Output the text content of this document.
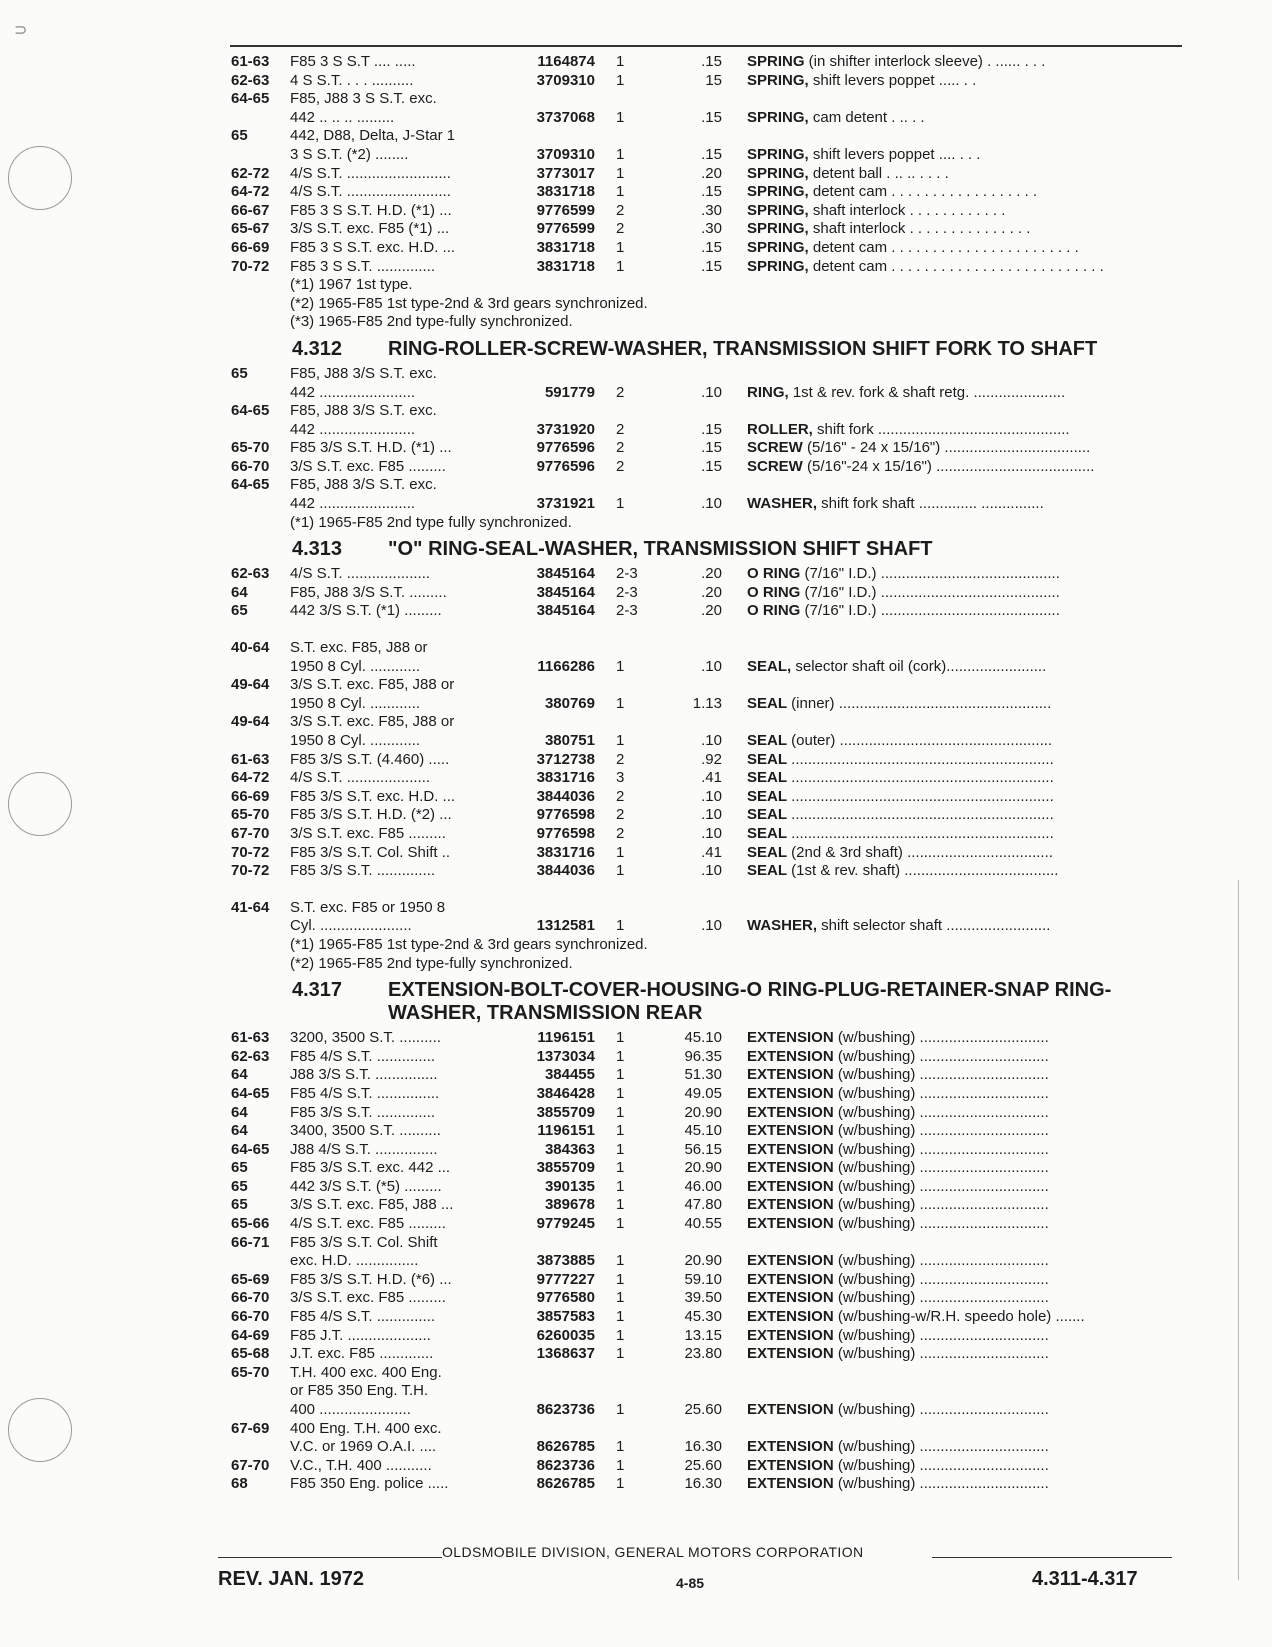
⊃
61-63 F85 3 S S.T .... .....	1164874 1	.15 SPRING (in shifter interlock sleeve) . ...... . . .
62-63 4 S S.T. . . . ..........	3709310 1	15 SPRING, shift levers poppet ..... . .
64-65 F85, J88 3 S S.T. exc.
442 .. .. .. .........	3737068 1	.15 SPRING, cam detent . .. . .
65	442, D88, Delta, J-Star 1
3 S S.T. (*2) ........	3709310 1	.15 SPRING, shift levers poppet .... . . .
62-72 4/S S.T. .........................	3773017 1	.20 SPRING, detent ball . .. .. . . . .
64-72 4/S S.T. .........................	3831718 1	.15 SPRING, detent cam . . . . . . . . . . . . . . . . . .
66-67 F85 3 S S.T. H.D. (*1) ...	9776599 2	.30 SPRING, shaft interlock . . . . . . . . . . . .
65-67 3/S S.T. exc. F85 (*1) ...	9776599 2	.30 SPRING, shaft interlock . . . . . . . . . . . . . . .
66-69 F85 3 S S.T. exc. H.D. ...	3831718 1	.15 SPRING, detent cam . . . . . . . . . . . . . . . . . . . . . . .
70-72 F85 3 S S.T. ..............	3831718 1	.15 SPRING, detent cam . . . . . . . . . . . . . . . . . . . . . . . . . .
(*1) 1967 1st type.
(*2) 1965-F85 1st type-2nd & 3rd gears synchronized.
(*3) 1965-F85 2nd type-fully synchronized.
4.312 RING-ROLLER-SCREW-WASHER, TRANSMISSION SHIFT FORK TO SHAFT
65	F85, J88 3/S S.T. exc.
442 .......................	591779 2	.10 RING, 1st & rev. fork & shaft retg. ......................
64-65 F85, J88 3/S S.T. exc.
442 .......................	3731920 2	.15 ROLLER, shift fork ..............................................
65-70 F85 3/S S.T. H.D. (*1) ...	9776596 2	.15 SCREW (5/16" - 24 x 15/16") ...................................
66-70 3/S S.T. exc. F85 .........	9776596 2	.15 SCREW (5/16"-24 x 15/16") ......................................
64-65 F85, J88 3/S S.T. exc.
442 .......................	3731921 1	.10 WASHER, shift fork shaft .............. ...............
(*1) 1965-F85 2nd type fully synchronized.
4.313 "O" RING-SEAL-WASHER, TRANSMISSION SHIFT SHAFT
62-63 4/S S.T. ....................	3845164 2-3	.20 O RING (7/16" I.D.) ...........................................
64	F85, J88 3/S S.T. .........	3845164 2-3	.20 O RING (7/16" I.D.) ...........................................
65	442 3/S S.T. (*1) .........	3845164 2-3	.20 O RING (7/16" I.D.) ...........................................
40-64 S.T. exc. F85, J88 or
1950 8 Cyl. ............	1166286 1	.10 SEAL, selector shaft oil (cork)........................
49-64 3/S S.T. exc. F85, J88 or
1950 8 Cyl. ............	380769 1	1.13 SEAL (inner) ...................................................
49-64 3/S S.T. exc. F85, J88 or
1950 8 Cyl. ............	380751 1	.10 SEAL (outer) ...................................................
61-63 F85 3/S S.T. (4.460) .....	3712738 2	.92 SEAL ...............................................................
64-72 4/S S.T. ....................	3831716 3	.41 SEAL ...............................................................
66-69 F85 3/S S.T. exc. H.D. ...	3844036 2	.10 SEAL ...............................................................
65-70 F85 3/S S.T. H.D. (*2) ...	9776598 2	.10 SEAL ...............................................................
67-70 3/S S.T. exc. F85 .........	9776598 2	.10 SEAL ...............................................................
70-72 F85 3/S S.T. Col. Shift ..	3831716 1	.41 SEAL (2nd & 3rd shaft) ...................................
70-72 F85 3/S S.T. ..............	3844036 1	.10 SEAL (1st & rev. shaft) .....................................
41-64 S.T. exc. F85 or 1950 8
Cyl. ......................	1312581 1	.10 WASHER, shift selector shaft .........................
(*1) 1965-F85 1st type-2nd & 3rd gears synchronized.
(*2) 1965-F85 2nd type-fully synchronized.
4.317 EXTENSION-BOLT-COVER-HOUSING-O RING-PLUG-RETAINER-SNAP RING-WASHER, TRANSMISSION REAR
61-63 3200, 3500 S.T. ..........	1196151 1	45.10 EXTENSION (w/bushing) ...............................
62-63 F85 4/S S.T. ..............	1373034 1	96.35 EXTENSION (w/bushing) ...............................
64	J88 3/S S.T. ...............	384455 1	51.30 EXTENSION (w/bushing) ...............................
64-65 F85 4/S S.T. ...............	3846428 1	49.05 EXTENSION (w/bushing) ...............................
64	F85 3/S S.T. ..............	3855709 1	20.90 EXTENSION (w/bushing) ...............................
64	3400, 3500 S.T. ..........	1196151 1	45.10 EXTENSION (w/bushing) ...............................
64-65 J88 4/S S.T. ...............	384363 1	56.15 EXTENSION (w/bushing) ...............................
65	F85 3/S S.T. exc. 442 ...	3855709 1	20.90 EXTENSION (w/bushing) ...............................
65	442 3/S S.T. (*5) .........	390135 1	46.00 EXTENSION (w/bushing) ...............................
65	3/S S.T. exc. F85, J88 ...	389678 1	47.80 EXTENSION (w/bushing) ...............................
65-66 4/S S.T. exc. F85 .........	9779245 1	40.55 EXTENSION (w/bushing) ...............................
66-71 F85 3/S S.T. Col. Shift
exc. H.D. ...............	3873885 1	20.90 EXTENSION (w/bushing) ...............................
65-69 F85 3/S S.T. H.D. (*6) ...	9777227 1	59.10 EXTENSION (w/bushing) ...............................
66-70 3/S S.T. exc. F85 .........	9776580 1	39.50 EXTENSION (w/bushing) ...............................
66-70 F85 4/S S.T. ..............	3857583 1	45.30 EXTENSION (w/bushing-w/R.H. speedo hole) .......
64-69 F85 J.T. ....................	6260035 1	13.15 EXTENSION (w/bushing) ...............................
65-68 J.T. exc. F85 .............	1368637 1	23.80 EXTENSION (w/bushing) ...............................
65-70 T.H. 400 exc. 400 Eng.
or F85 350 Eng. T.H.
400 ......................	8623736 1	25.60 EXTENSION (w/bushing) ...............................
67-69 400 Eng. T.H. 400 exc.
V.C. or 1969 O.A.I. ....	8626785 1	16.30 EXTENSION (w/bushing) ...............................
67-70 V.C., T.H. 400 ...........	8623736 1	25.60 EXTENSION (w/bushing) ...............................
68	F85 350 Eng. police .....	8626785 1	16.30 EXTENSION (w/bushing) ...............................
OLDSMOBILE DIVISION, GENERAL MOTORS CORPORATION
REV. JAN. 1972	4-85	4.311-4.317
